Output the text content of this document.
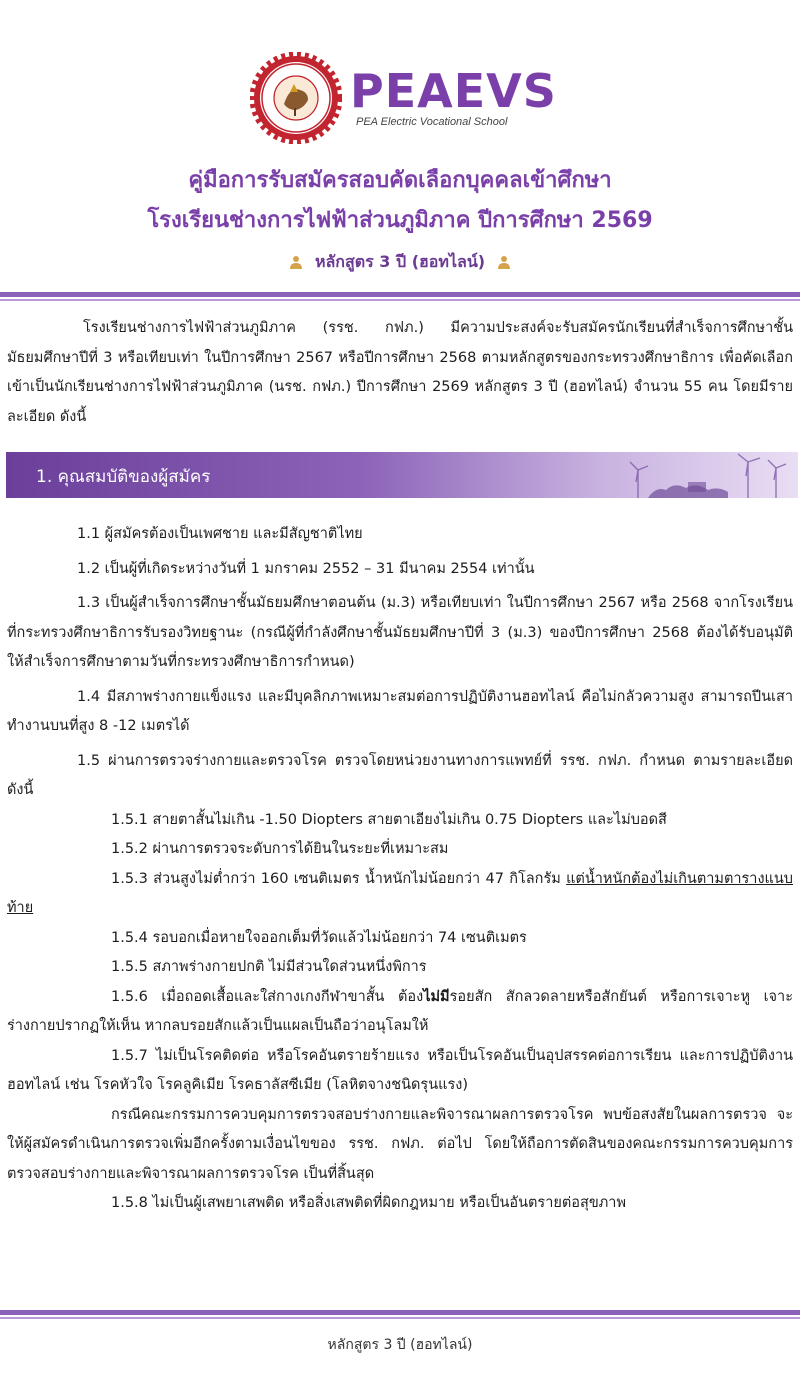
PEAEVS
PEA Electric Vocational School
คู่มือการรับสมัครสอบคัดเลือกบุคคลเข้าศึกษา
โรงเรียนช่างการไฟฟ้าส่วนภูมิภาค ปีการศึกษา 2569
หลักสูตร 3 ปี (ฮอทไลน์)

โรงเรียนช่างการไฟฟ้าส่วนภูมิภาค (รรช. กฟภ.) มีความประสงค์จะรับสมัครนักเรียนที่สำเร็จการศึกษาชั้นมัธยมศึกษาปีที่ 3 หรือเทียบเท่า ในปีการศึกษา 2567 หรือปีการศึกษา 2568 ตามหลักสูตรของกระทรวงศึกษาธิการ เพื่อคัดเลือกเข้าเป็นนักเรียนช่างการไฟฟ้าส่วนภูมิภาค (นรช. กฟภ.) ปีการศึกษา 2569 หลักสูตร 3 ปี (ฮอทไลน์) จำนวน 55 คน โดยมีรายละเอียด ดังนี้

1. คุณสมบัติของผู้สมัคร

1.1 ผู้สมัครต้องเป็นเพศชาย และมีสัญชาติไทย

1.2 เป็นผู้ที่เกิดระหว่างวันที่ 1 มกราคม 2552 – 31 มีนาคม 2554 เท่านั้น

1.3 เป็นผู้สำเร็จการศึกษาชั้นมัธยมศึกษาตอนต้น (ม.3) หรือเทียบเท่า ในปีการศึกษา 2567 หรือ 2568 จากโรงเรียนที่กระทรวงศึกษาธิการรับรองวิทยฐานะ (กรณีผู้ที่กำลังศึกษาชั้นมัธยมศึกษาปีที่ 3 (ม.3) ของปีการศึกษา 2568 ต้องได้รับอนุมัติให้สำเร็จการศึกษาตามวันที่กระทรวงศึกษาธิการกำหนด)

1.4 มีสภาพร่างกายแข็งแรง และมีบุคลิกภาพเหมาะสมต่อการปฏิบัติงานฮอทไลน์ คือไม่กลัวความสูง สามารถปีนเสาทำงานบนที่สูง 8 -12 เมตรได้

1.5 ผ่านการตรวจร่างกายและตรวจโรค ตรวจโดยหน่วยงานทางการแพทย์ที่ รรช. กฟภ. กำหนด ตามรายละเอียดดังนี้

1.5.1 สายตาสั้นไม่เกิน -1.50 Diopters สายตาเอียงไม่เกิน 0.75 Diopters และไม่บอดสี

1.5.2 ผ่านการตรวจระดับการได้ยินในระยะที่เหมาะสม

1.5.3 ส่วนสูงไม่ต่ำกว่า 160 เซนติเมตร น้ำหนักไม่น้อยกว่า 47 กิโลกรัม แต่น้ำหนักต้องไม่เกินตามตารางแนบท้าย

1.5.4 รอบอกเมื่อหายใจออกเต็มที่วัดแล้วไม่น้อยกว่า 74 เซนติเมตร

1.5.5 สภาพร่างกายปกติ ไม่มีส่วนใดส่วนหนึ่งพิการ

1.5.6 เมื่อถอดเสื้อและใส่กางเกงกีฬาขาสั้น ต้องไม่มีรอยสัก สักลวดลายหรือสักยันต์ หรือการเจาะหู เจาะร่างกายปรากฏให้เห็น หากลบรอยสักแล้วเป็นแผลเป็นถือว่าอนุโลมให้

1.5.7 ไม่เป็นโรคติดต่อ หรือโรคอันตรายร้ายแรง หรือเป็นโรคอันเป็นอุปสรรคต่อการเรียน และการปฏิบัติงานฮอทไลน์ เช่น โรคหัวใจ โรคลูคิเมีย โรคธาลัสซีเมีย (โลหิตจางชนิดรุนแรง)

กรณีคณะกรรมการควบคุมการตรวจสอบร่างกายและพิจารณาผลการตรวจโรค พบข้อสงสัยในผลการตรวจ จะให้ผู้สมัครดำเนินการตรวจเพิ่มอีกครั้งตามเงื่อนไขของ รรช. กฟภ. ต่อไป โดยให้ถือการตัดสินของคณะกรรมการควบคุมการตรวจสอบร่างกายและพิจารณาผลการตรวจโรค เป็นที่สิ้นสุด

1.5.8 ไม่เป็นผู้เสพยาเสพติด หรือสิ่งเสพติดที่ผิดกฎหมาย หรือเป็นอันตรายต่อสุขภาพ

หลักสูตร 3 ปี (ฮอทไลน์)
